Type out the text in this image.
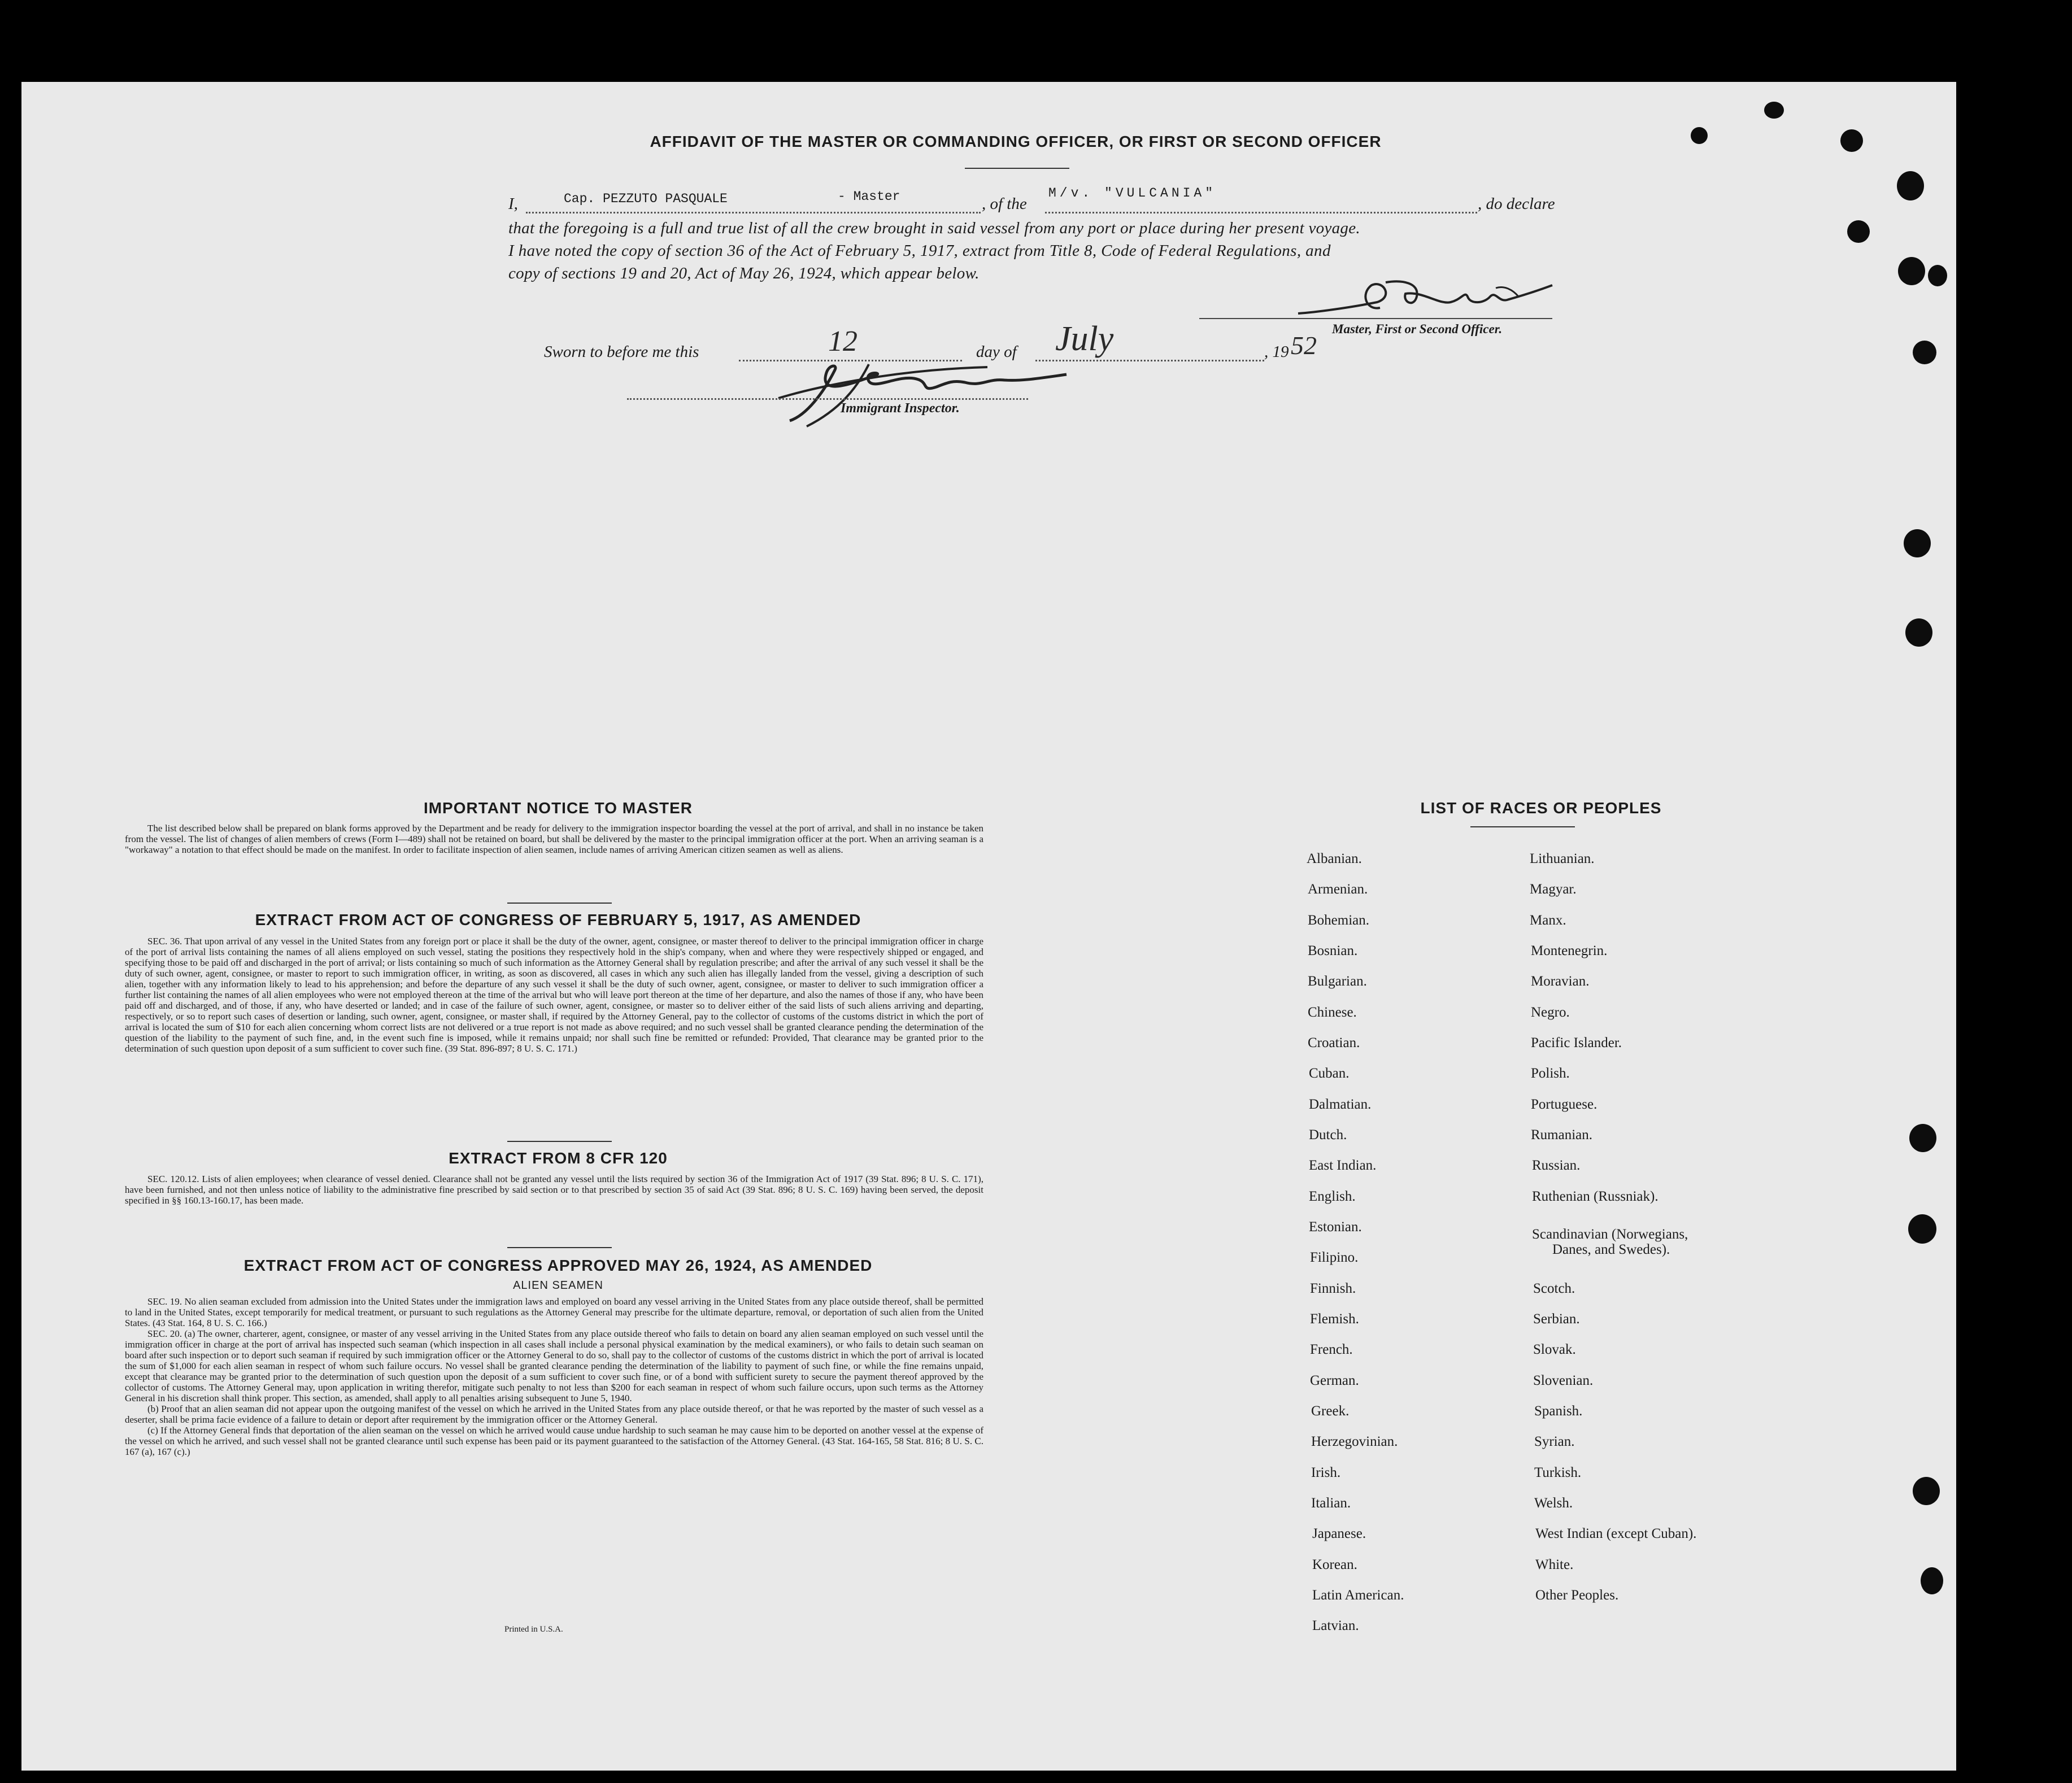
AFFIDAVIT OF THE MASTER OR COMMANDING OFFICER, OR FIRST OR SECOND OFFICER
I,	Cap. PEZZUTO PASQUALE	- Master	, of the
M/v. "VULCANIA"
, do declare
that the foregoing is a full and true list of all the crew brought in said vessel from any port or place during her present voyage.
I have noted the copy of section 36 of the Act of February 5, 1917, extract from Title 8, Code of Federal Regulations, and
copy of sections 19 and 20, Act of May 26, 1924, which appear below.
Master, First or Second Officer.
Sworn to before me this	12	day of July	, 19 52
Immigrant Inspector.
IMPORTANT NOTICE TO MASTER

The list described below shall be prepared on blank forms approved by the Department and be ready for delivery to the immigration inspector boarding the vessel at the port of arrival, and shall in no instance be taken from the vessel. The list of changes of alien members of crews (Form I—489) shall not be retained on board, but shall be delivered by the master to the principal immigration officer at the port. When an arriving seaman is a "workaway" a notation to that effect should be made on the manifest. In order to facilitate inspection of alien seamen, include names of arriving American citizen seamen as well as aliens.

EXTRACT FROM ACT OF CONGRESS OF FEBRUARY 5, 1917, AS AMENDED

SEC. 36. That upon arrival of any vessel in the United States from any foreign port or place it shall be the duty of the owner, agent, consignee, or master thereof to deliver to the principal immigration officer in charge of the port of arrival lists containing the names of all aliens employed on such vessel, stating the positions they respectively hold in the ship's company, when and where they were respectively shipped or engaged, and specifying those to be paid off and discharged in the port of arrival; or lists containing so much of such information as the Attorney General shall by regulation prescribe; and after the arrival of any such vessel it shall be the duty of such owner, agent, consignee, or master to report to such immigration officer, in writing, as soon as discovered, all cases in which any such alien has illegally landed from the vessel, giving a description of such alien, together with any information likely to lead to his apprehension; and before the departure of any such vessel it shall be the duty of such owner, agent, consignee, or master to deliver to such immigration officer a further list containing the names of all alien employees who were not employed thereon at the time of the arrival but who will leave port thereon at the time of her departure, and also the names of those if any, who have been paid off and discharged, and of those, if any, who have deserted or landed; and in case of the failure of such owner, agent, consignee, or master so to deliver either of the said lists of such aliens arriving and departing, respectively, or so to report such cases of desertion or landing, such owner, agent, consignee, or master shall, if required by the Attorney General, pay to the collector of customs of the customs district in which the port of arrival is located the sum of $10 for each alien concerning whom correct lists are not delivered or a true report is not made as above required; and no such vessel shall be granted clearance pending the determination of the question of the liability to the payment of such fine, and, in the event such fine is imposed, while it remains unpaid; nor shall such fine be remitted or refunded: Provided, That clearance may be granted prior to the determination of such question upon deposit of a sum sufficient to cover such fine. (39 Stat. 896-897; 8 U. S. C. 171.)

EXTRACT FROM 8 CFR 120

SEC. 120.12. Lists of alien employees; when clearance of vessel denied. Clearance shall not be granted any vessel until the lists required by section 36 of the Immigration Act of 1917 (39 Stat. 896; 8 U. S. C. 171), have been furnished, and not then unless notice of liability to the administrative fine prescribed by said section or to that prescribed by section 35 of said Act (39 Stat. 896; 8 U. S. C. 169) having been served, the deposit specified in §§ 160.13-160.17, has been made.

EXTRACT FROM ACT OF CONGRESS APPROVED MAY 26, 1924, AS AMENDED
ALIEN SEAMEN

SEC. 19. No alien seaman excluded from admission into the United States under the immigration laws and employed on board any vessel arriving in the United States from any place outside thereof, shall be permitted to land in the United States, except temporarily for medical treatment, or pursuant to such regulations as the Attorney General may prescribe for the ultimate departure, removal, or deportation of such alien from the United States. (43 Stat. 164, 8 U. S. C. 166.)

SEC. 20. (a) The owner, charterer, agent, consignee, or master of any vessel arriving in the United States from any place outside thereof who fails to detain on board any alien seaman employed on such vessel until the immigration officer in charge at the port of arrival has inspected such seaman (which inspection in all cases shall include a personal physical examination by the medical examiners), or who fails to detain such seaman on board after such inspection or to deport such seaman if required by such immigration officer or the Attorney General to do so, shall pay to the collector of customs of the customs district in which the port of arrival is located the sum of $1,000 for each alien seaman in respect of whom such failure occurs. No vessel shall be granted clearance pending the determination of the liability to payment of such fine, or while the fine remains unpaid, except that clearance may be granted prior to the determination of such question upon the deposit of a sum sufficient to cover such fine, or of a bond with sufficient surety to secure the payment thereof approved by the collector of customs. The Attorney General may, upon application in writing therefor, mitigate such penalty to not less than $200 for each seaman in respect of whom such failure occurs, upon such terms as the Attorney General in his discretion shall think proper. This section, as amended, shall apply to all penalties arising subsequent to June 5, 1940.

(b) Proof that an alien seaman did not appear upon the outgoing manifest of the vessel on which he arrived in the United States from any place outside thereof, or that he was reported by the master of such vessel as a deserter, shall be prima facie evidence of a failure to detain or deport after requirement by the immigration officer or the Attorney General.

(c) If the Attorney General finds that deportation of the alien seaman on the vessel on which he arrived would cause undue hardship to such seaman he may cause him to be deported on another vessel at the expense of the vessel on which he arrived, and such vessel shall not be granted clearance until such expense has been paid or its payment guaranteed to the satisfaction of the Attorney General. (43 Stat. 164-165, 58 Stat. 816; 8 U. S. C. 167 (a), 167 (c).)

Printed in U.S.A.
LIST OF RACES OR PEOPLES
Albanian.
Armenian.
Bohemian.
Bosnian.
Bulgarian.
Chinese.
Croatian.
Cuban.
Dalmatian.
Dutch.
East Indian.
English.
Estonian.
Filipino.
Finnish.
Flemish.
French.
German.
Greek.
Herzegovinian.
Irish.
Italian.
Japanese.
Korean.
Latin American.
Latvian.
Lithuanian.
Magyar.
Manx.
Montenegrin.
Moravian.
Negro.
Pacific Islander.
Polish.
Portuguese.
Rumanian.
Russian.
Ruthenian (Russniak).
Scandinavian (Norwegians,
Danes, and Swedes).
Scotch.
Serbian.
Slovak.
Slovenian.
Spanish.
Syrian.
Turkish.
Welsh.
West Indian (except Cuban).
White.
Other Peoples.
